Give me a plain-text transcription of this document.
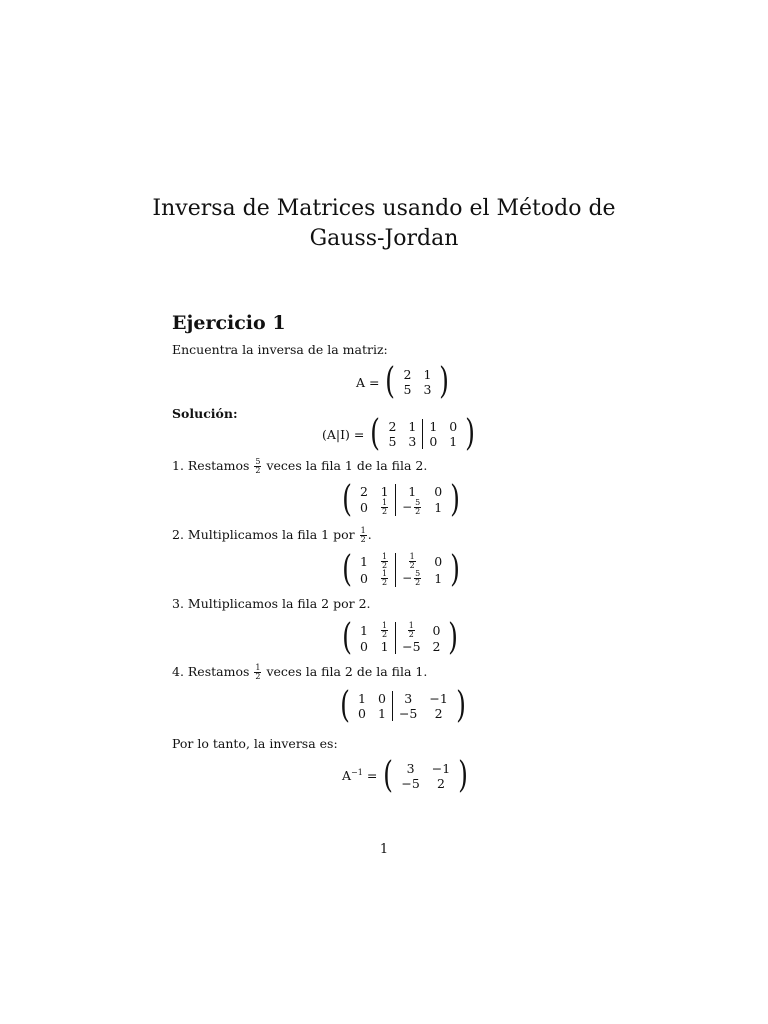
Inversa de Matrices usando el Método de
Gauss-Jordan
Ejercicio 1
Encuentra la inversa de la matriz:
A = ( 2	1
5	3 )
Solución:
(A|I) = ( 2	1	1	0
5	3	0	1 )
1. Restamos $\frac{5}{2}$ veces la fila 1 de la fila 2.
( 2	1	1	0
0	$\frac{1}{2}$	− $\frac{5}{2}$	1 )
2. Multiplicamos la fila 1 por $\frac{1}{2}$ .
( 1	$\frac{1}{2}$	$\frac{1}{2}$	0
0	$\frac{1}{2}$	− $\frac{5}{2}$	1 )
3. Multiplicamos la fila 2 por 2.
( 1	$\frac{1}{2}$	$\frac{1}{2}$	0
0	1	−5	2 )
4. Restamos $\frac{1}{2}$ veces la fila 2 de la fila 1.
( 1	0	3	−1
0	1	−5	2 )
Por lo tanto, la inversa es:
$A^{-1}$ = ( 3	−1
−5	2 )
1
